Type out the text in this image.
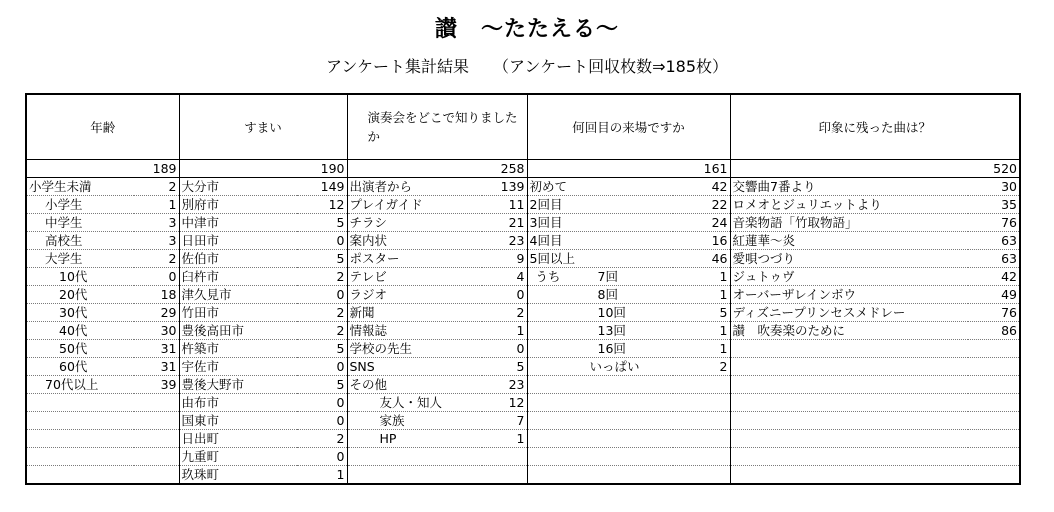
讃　〜たたえる〜
アンケート集計結果　　（アンケート回収枚数⇒185枚）
年齢		すまい		演奏会をどこで知りましたか		何回目の来場ですか		印象に残った曲は？	
189		190		258		161		520	
小学生未満	2	大分市	149	出演者から	139	初めて	42	交響曲7番より	30
小学生	1	別府市	12	プレイガイド	11	2回目	22	ロメオとジュリエットより	35
中学生	3	中津市	5	チラシ	21	3回目	24	音楽物語「竹取物語」	76
高校生	3	日田市	0	案内状	23	4回目	16	紅蓮華〜炎	63
大学生	2	佐伯市	5	ポスター	9	5回以上	46	愛唄つづり	63
10代	0	臼杵市	2	テレビ	4	うち 7回	1	ジュトゥヴ	42
20代	18	津久見市	0	ラジオ	0	8回	1	オーバーザレインボウ	49
30代	29	竹田市	2	新聞	2	10回	5	ディズニープリンセスメドレー	76
40代	30	豊後高田市	2	情報誌	1	13回	1	讃　吹奏楽のために	86
50代	31	杵築市	5	学校の先生	0	16回	1		
60代	31	宇佐市	0	SNS	5	いっぱい	2		
70代以上	39	豊後大野市	5	その他	23				
		由布市	0	友人・知人	12				
		国東市	0	家族	7				
		日出町	2	HP	1				
		九重町	0						
		玖珠町	1						
